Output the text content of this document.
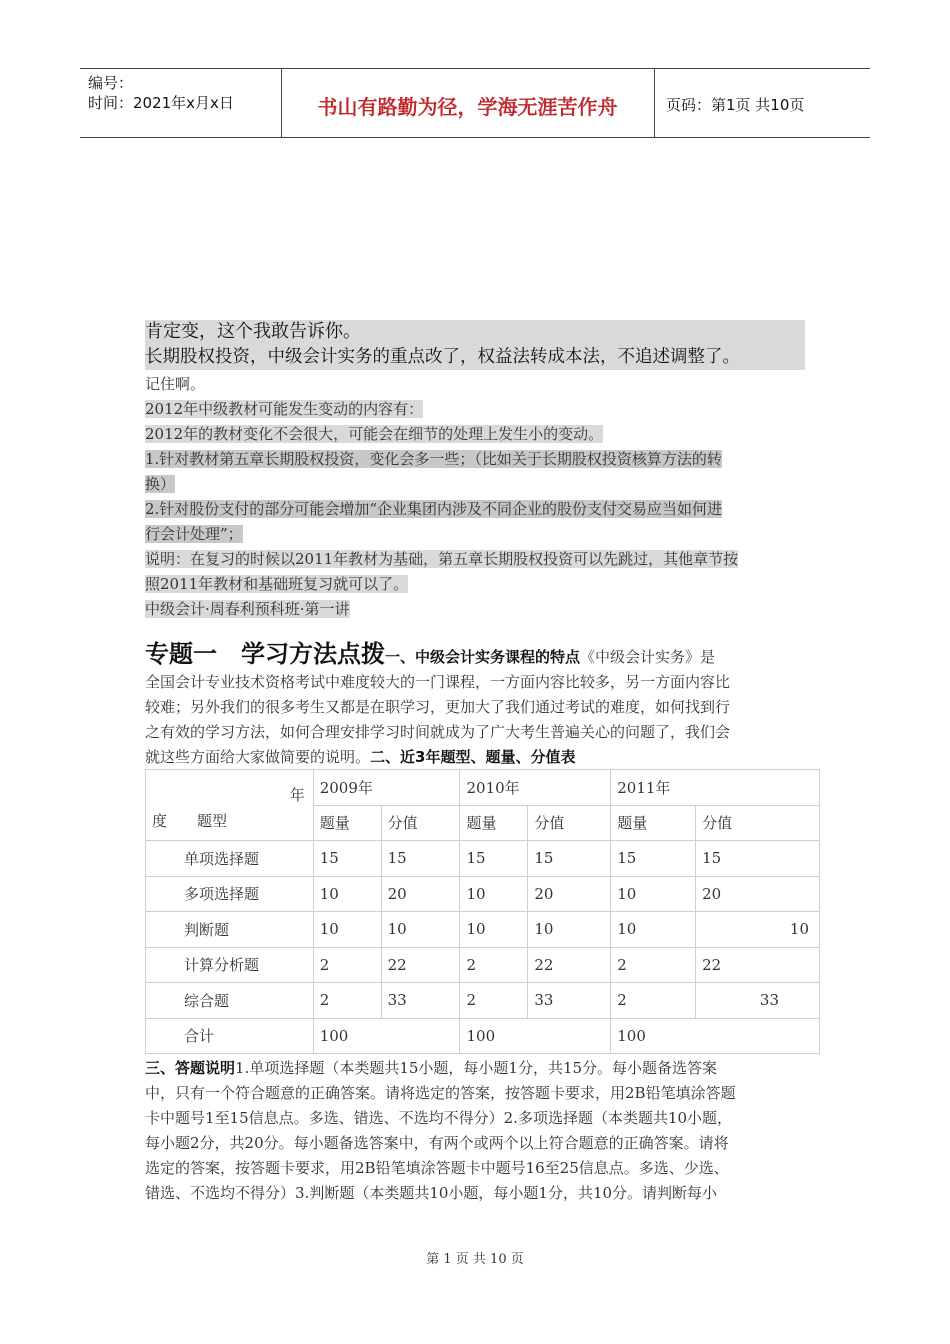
编号：
时间：2021年x月x日	书山有路勤为径，学海无涯苦作舟	页码：第1页 共10页
肯定变，这个我敢告诉你。
长期股权投资，中级会计实务的重点改了，权益法转成本法，不追述调整了。
记住啊。
2012年中级教材可能发生变动的内容有：
2012年的教材变化不会很大，可能会在细节的处理上发生小的变动。
1.针对教材第五章长期股权投资，变化会多一些；（比如关于长期股权投资核算方法的转
换）
2.针对股份支付的部分可能会增加“企业集团内涉及不同企业的股份支付交易应当如何进
行会计处理”；
说明：在复习的时候以2011年教材为基础，第五章长期股权投资可以先跳过，其他章节按
照2011年教材和基础班复习就可以了。
中级会计·周春利预科班·第一讲
专题一　学习方法点拨一、中级会计实务课程的特点《中级会计实务》是
全国会计专业技术资格考试中难度较大的一门课程，一方面内容比较多，另一方面内容比
较难；另外我们的很多考生又都是在职学习，更加大了我们通过考试的难度，如何找到行
之有效的学习方法，如何合理安排学习时间就成为了广大考生普遍关心的问题了，我们会
就这些方面给大家做简要的说明。二、近3年题型、题量、分值表
年
度　　题型	2009年		2010年		2011年	
	题量	分值	题量	分值	题量	分值
单项选择题	15	15	15	15	15	15
多项选择题	10	20	10	20	10	20
判断题	10	10	10	10	10	10
计算分析题	2	22	2	22	2	22
综合题	2	33	2	33	2	33
合计	100		100		100	
三、答题说明1.单项选择题（本类题共15小题，每小题1分，共15分。每小题备选答案
中，只有一个符合题意的正确答案。请将选定的答案，按答题卡要求，用2B铅笔填涂答题
卡中题号1至15信息点。多选、错选、不选均不得分）2.多项选择题（本类题共10小题，
每小题2分，共20分。每小题备选答案中，有两个或两个以上符合题意的正确答案。请将
选定的答案，按答题卡要求，用2B铅笔填涂答题卡中题号16至25信息点。多选、少选、
错选、不选均不得分）3.判断题（本类题共10小题，每小题1分，共10分。请判断每小
第 1 页 共 10 页
